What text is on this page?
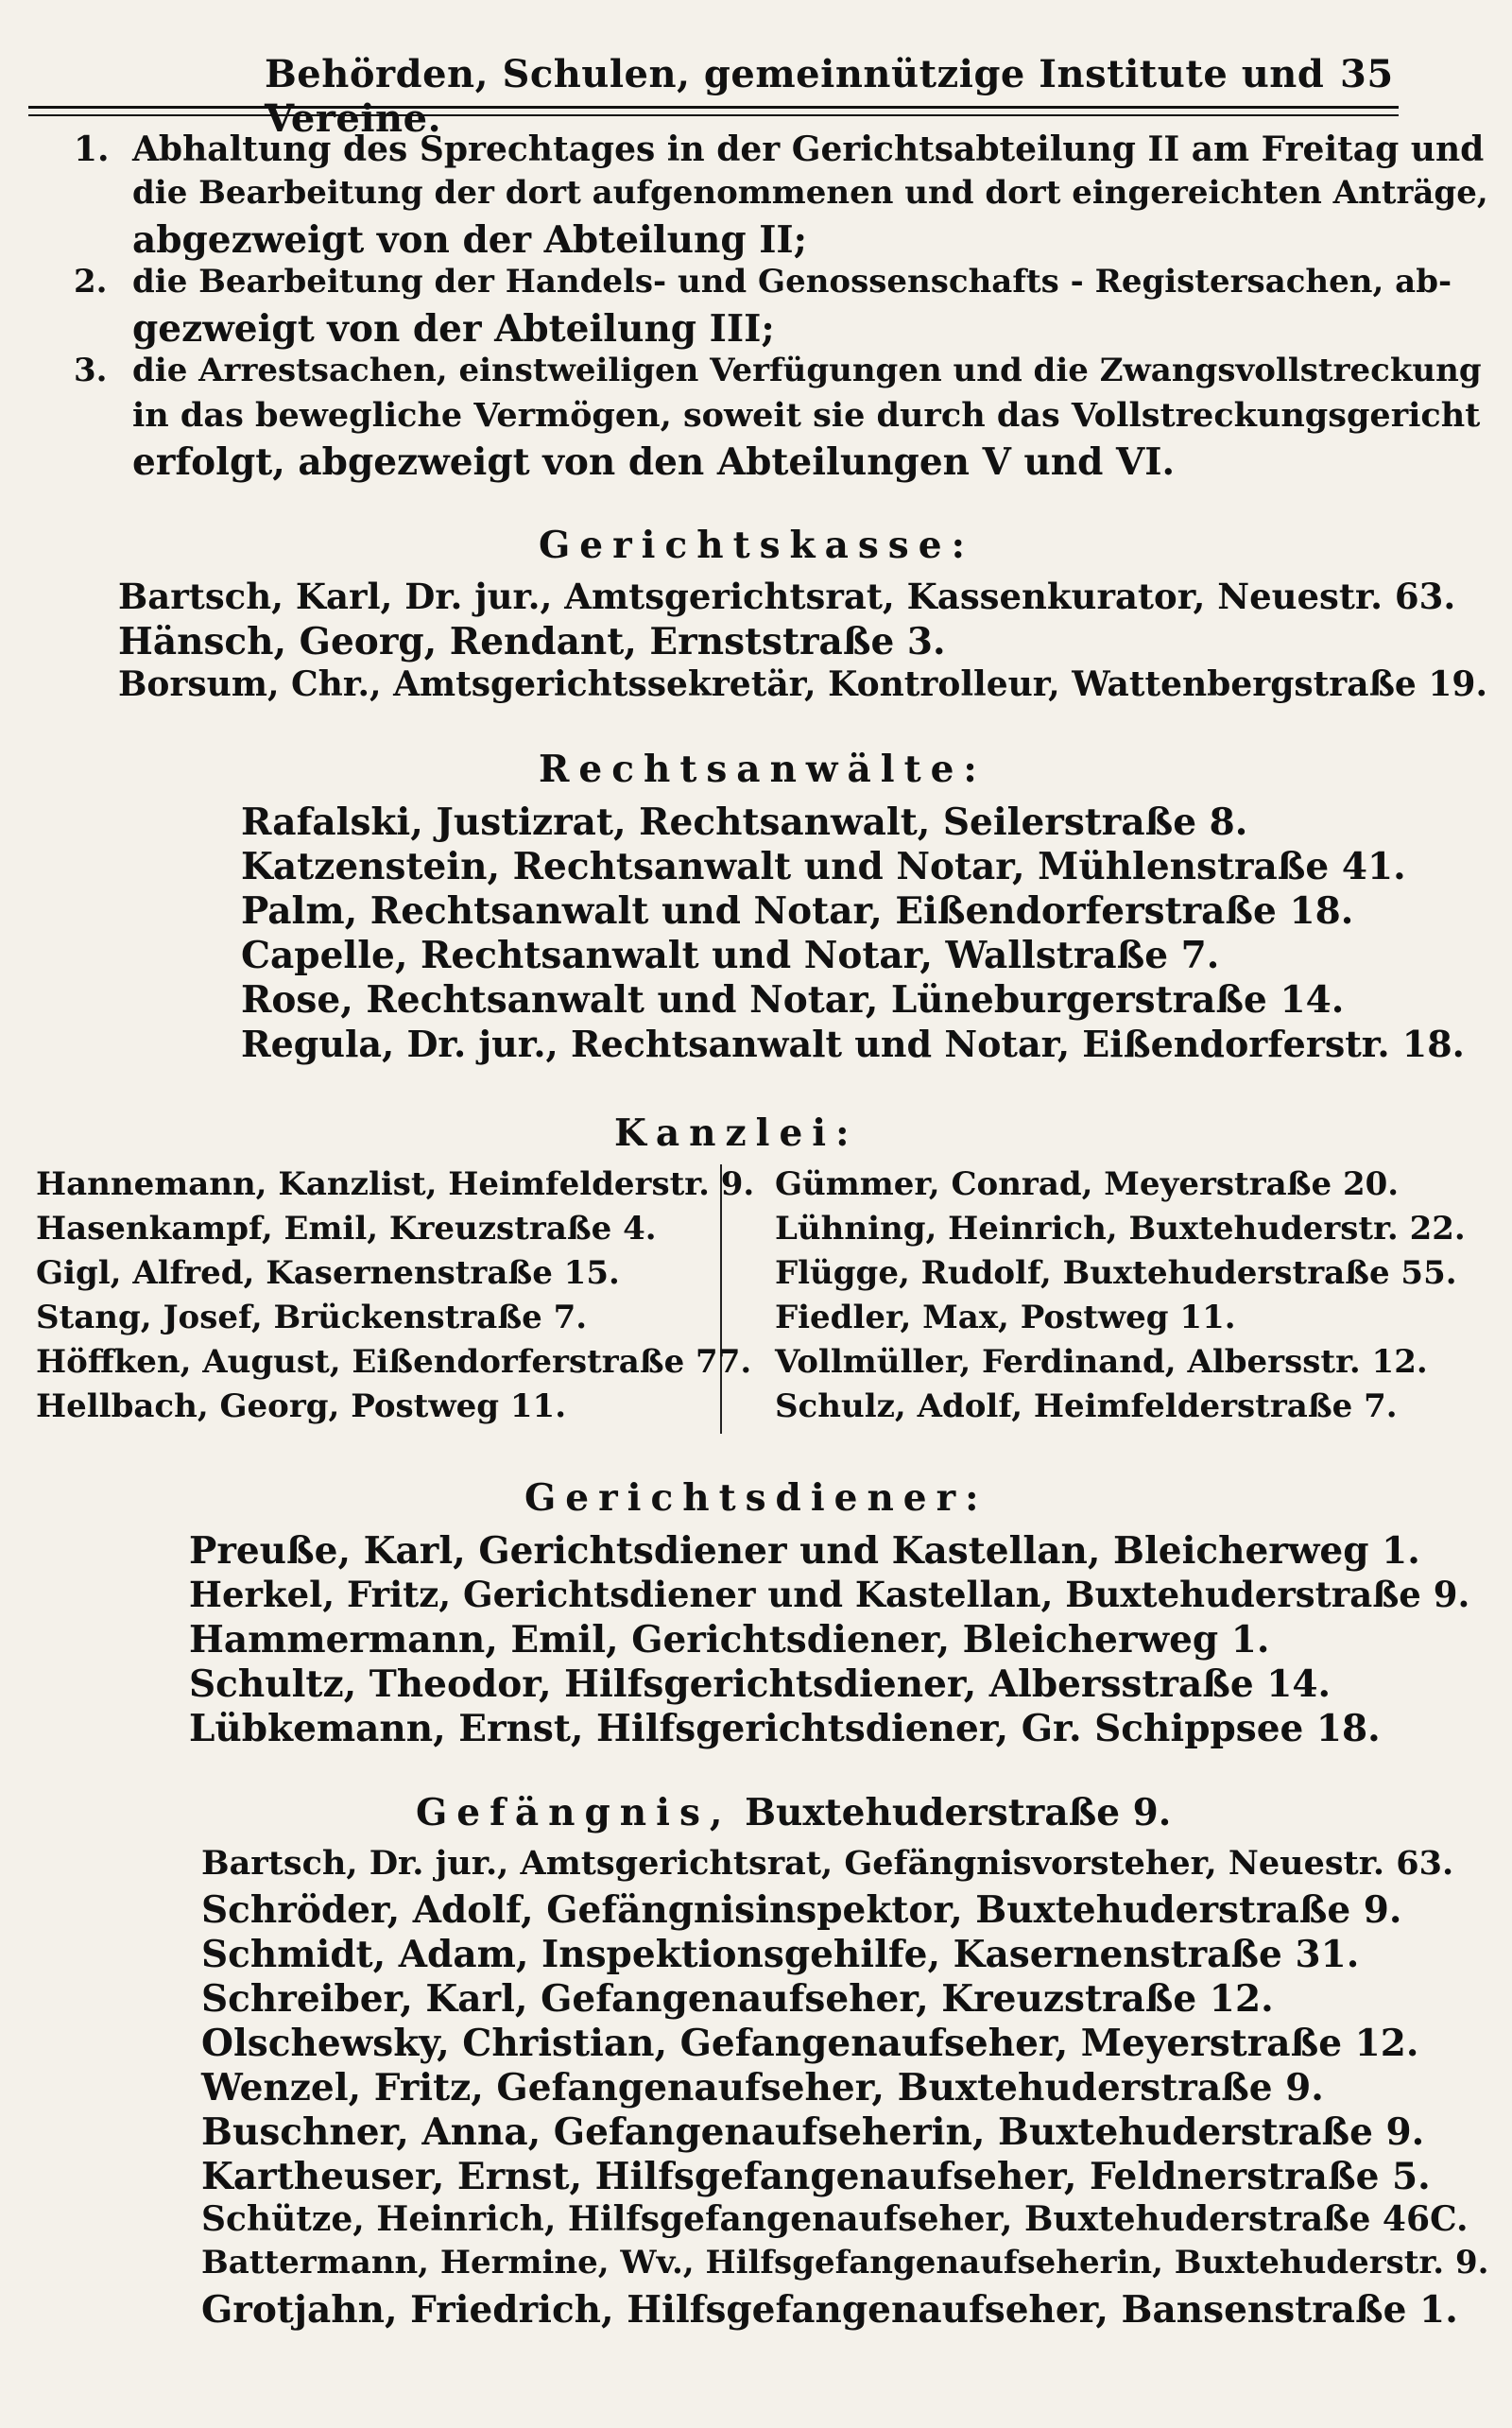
Behörden, Schulen, gemeinnützige Institute und Vereine.
35
1. Abhaltung des Sprechtages in der Gerichtsabteilung II am Freitag und
die Bearbeitung der dort aufgenommenen und dort eingereichten Anträge,
abgezweigt von der Abteilung II;
2. die Bearbeitung der Handels- und Genossenschafts - Registersachen, ab-
gezweigt von der Abteilung III;
3. die Arrestsachen, einstweiligen Verfügungen und die Zwangsvollstreckung
in das bewegliche Vermögen, soweit sie durch das Vollstreckungsgericht
erfolgt, abgezweigt von den Abteilungen V und VI.
Gerichtskasse:
Bartsch, Karl, Dr. jur., Amtsgerichtsrat, Kassenkurator, Neuestr. 63.
Hänsch, Georg, Rendant, Ernststraße 3.
Borsum, Chr., Amtsgerichtssekretär, Kontrolleur, Wattenbergstraße 19.
Rechtsanwälte:
Rafalski, Justizrat, Rechtsanwalt, Seilerstraße 8.
Katzenstein, Rechtsanwalt und Notar, Mühlenstraße 41.
Palm, Rechtsanwalt und Notar, Eißendorferstraße 18.
Capelle, Rechtsanwalt und Notar, Wallstraße 7.
Rose, Rechtsanwalt und Notar, Lüneburgerstraße 14.
Regula, Dr. jur., Rechtsanwalt und Notar, Eißendorferstr. 18.
Kanzlei:
Hannemann, Kanzlist, Heimfelderstr. 9.
Hasenkampf, Emil, Kreuzstraße 4.
Gigl, Alfred, Kasernenstraße 15.
Stang, Josef, Brückenstraße 7.
Höffken, August, Eißendorferstraße 77.
Hellbach, Georg, Postweg 11.
Gümmer, Conrad, Meyerstraße 20.
Lühning, Heinrich, Buxtehuderstr. 22.
Flügge, Rudolf, Buxtehuderstraße 55.
Fiedler, Max, Postweg 11.
Vollmüller, Ferdinand, Albersstr. 12.
Schulz, Adolf, Heimfelderstraße 7.
Gerichtsdiener:
Preuße, Karl, Gerichtsdiener und Kastellan, Bleicherweg 1.
Herkel, Fritz, Gerichtsdiener und Kastellan, Buxtehuderstraße 9.
Hammermann, Emil, Gerichtsdiener, Bleicherweg 1.
Schultz, Theodor, Hilfsgerichtsdiener, Albersstraße 14.
Lübkemann, Ernst, Hilfsgerichtsdiener, Gr. Schippsee 18.
Gefängnis, Buxtehuderstraße 9.
Bartsch, Dr. jur., Amtsgerichtsrat, Gefängnisvorsteher, Neuestr. 63.
Schröder, Adolf, Gefängnisinspektor, Buxtehuderstraße 9.
Schmidt, Adam, Inspektionsgehilfe, Kasernenstraße 31.
Schreiber, Karl, Gefangenaufseher, Kreuzstraße 12.
Olschewsky, Christian, Gefangenaufseher, Meyerstraße 12.
Wenzel, Fritz, Gefangenaufseher, Buxtehuderstraße 9.
Buschner, Anna, Gefangenaufseherin, Buxtehuderstraße 9.
Kartheuser, Ernst, Hilfsgefangenaufseher, Feldnerstraße 5.
Schütze, Heinrich, Hilfsgefangenaufseher, Buxtehuderstraße 46C.
Battermann, Hermine, Wv., Hilfsgefangenaufseherin, Buxtehuderstr. 9.
Grotjahn, Friedrich, Hilfsgefangenaufseher, Bansenstraße 1.
